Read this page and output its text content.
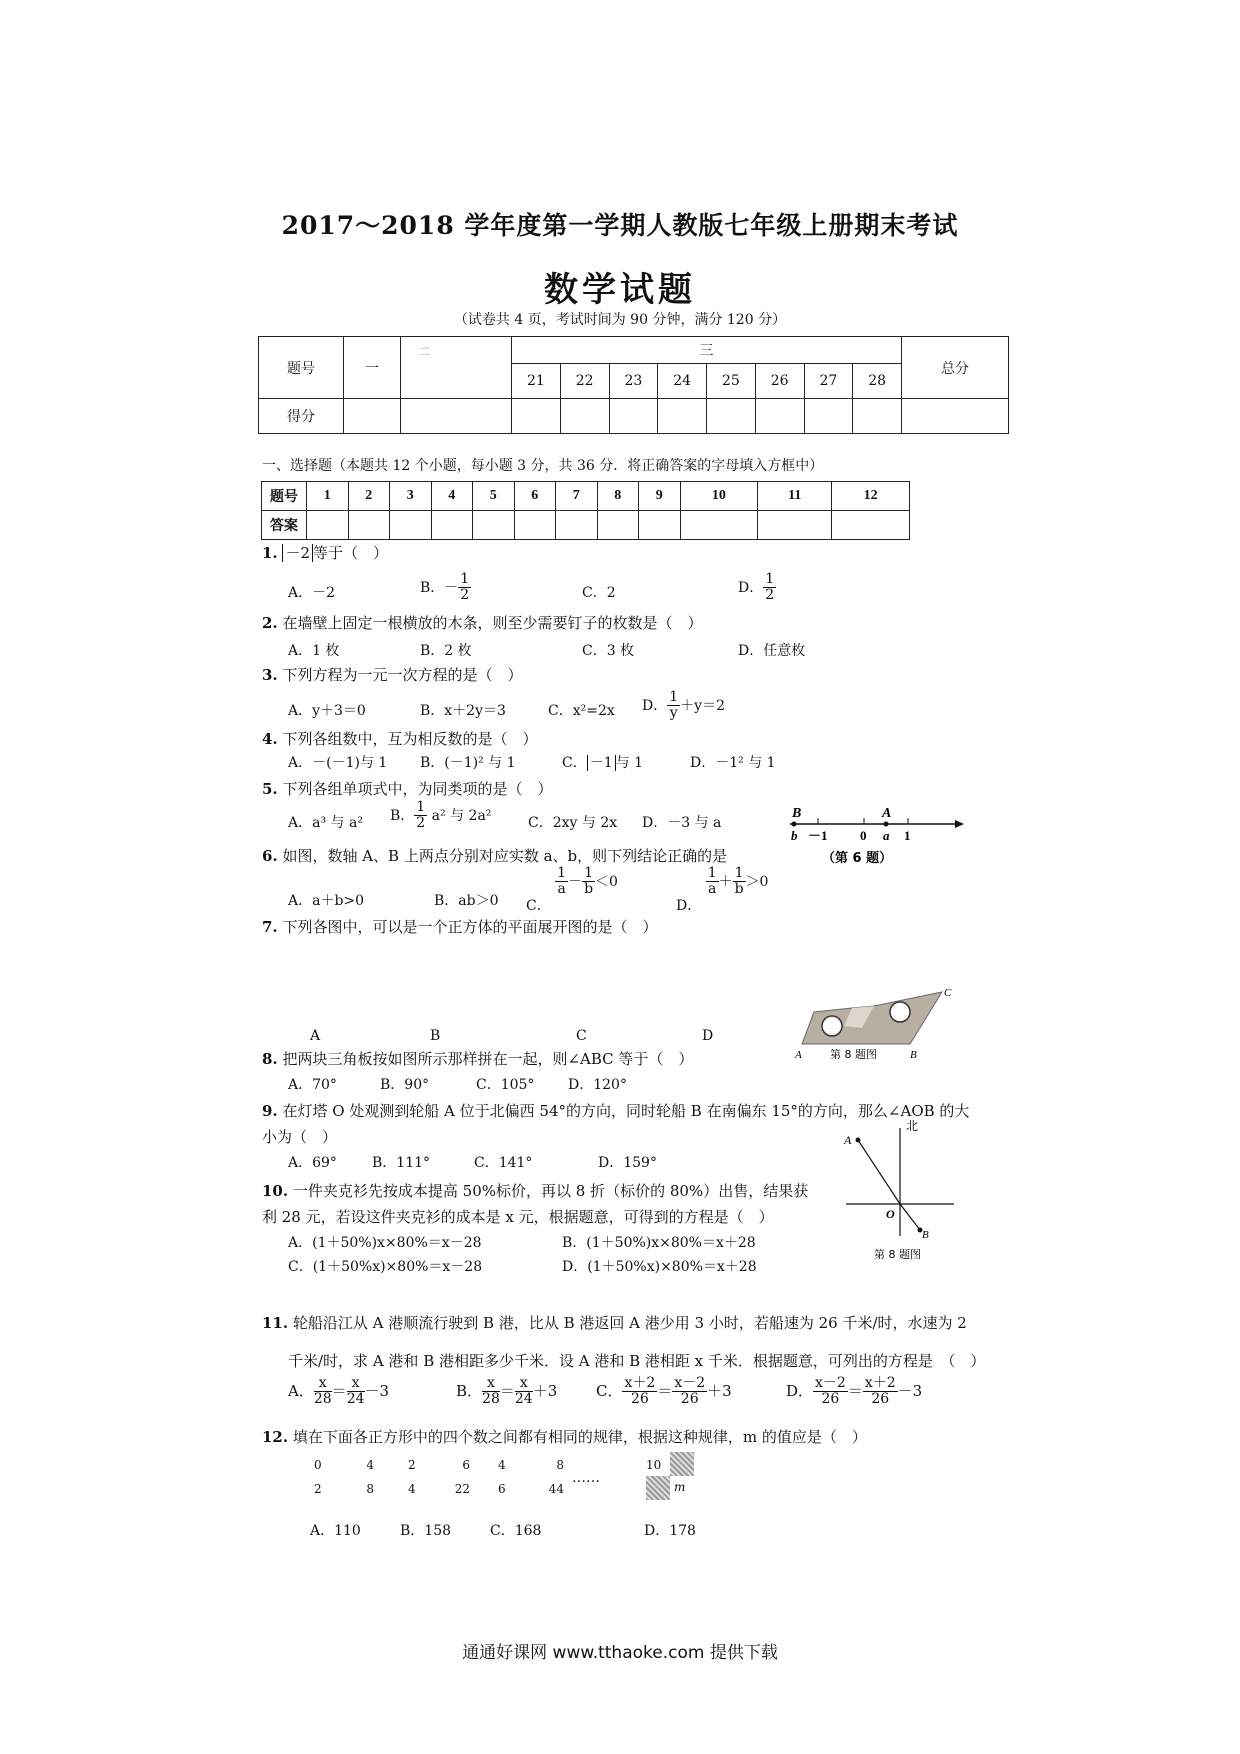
2017～2018 学年度第一学期人教版七年级上册期末考试
数学试题
（试卷共 4 页，考试时间为 90 分钟，满分 120 分）
题号	一	二	三								总分
			21	22	23	24	25	26	27	28	
得分											
一、选择题（本题共 12 个小题，每小题 3 分，共 36 分．将正确答案的字母填入方框中）
题号	1	2	3	4	5	6	7	8	9	10	11	12
答案												
1. －2 等于（　）
A．－2	B．－ $\frac{1}{2}$	C．2	D． $\frac{1}{2}$
2. 在墙壁上固定一根横放的木条，则至少需要钉子的枚数是（　）
A．1 枚	B．2 枚	C．3 枚	D．任意枚
3. 下列方程为一元一次方程的是（　）
A．y＋3＝0	B．x＋2y＝3	C．x²=2x D． $\frac{1}{y} +y=2$
4. 下列各组数中，互为相反数的是（　）
A．－(－1)与 1 B．(－1)² 与 1	C． －1 与 1	D．－1² 与 1
5. 下列各组单项式中，为同类项的是（　）
A．a³ 与 a² B． $\frac{1}{2} a^2$ 与 2a²	C．2xy 与 2x D．－3 与 a
B	A
b －1 0 a 1
（第 6 题）
6. 如图，数轴 A、B 上两点分别对应实数 a、b，则下列结论正确的是
A．a＋b>0	B．ab＞0 C．
$\frac{1}{a} - \frac{1}{b} <0$
D．
$\frac{1}{a} + \frac{1}{b} >0$
7. 下列各图中，可以是一个正方体的平面展开图的是（　）
A	B	C	D
A	B
C
第 8 题图
8. 把两块三角板按如图所示那样拼在一起，则∠ABC 等于（　）
A．70°	B．90°	C．105° D．120°
9. 在灯塔 O 处观测到轮船 A 位于北偏西 54°的方向，同时轮船 B 在南偏东 15°的方向，那么∠AOB 的大
小为（　）
A．69°	B．111°	C．141°	D．159°
北
A
O
B
第 8 题图
10. 一件夹克衫先按成本提高 50%标价，再以 8 折（标价的 80%）出售，结果获
利 28 元，若设这件夹克衫的成本是 x 元，根据题意，可得到的方程是（　）
A．(1＋50%)x×80%＝x－28	B．(1＋50%)x×80%＝x＋28
C．(1＋50%x)×80%＝x－28	D．(1＋50%x)×80%＝x＋28
11. 轮船沿江从 A 港顺流行驶到 B 港，比从 B 港返回 A 港少用 3 小时，若船速为 26 千米/时，水速为 2
千米/时，求 A 港和 B 港相距多少千米．设 A 港和 B 港相距 x 千米．根据题意，可列出的方程是　（　）
A． $\frac{x}{28} = \frac{x}{24} -3$	B． $\frac{x}{28} = \frac{x}{24} +3$	C． $\frac{x+2}{26} = \frac{x-2}{26} +3$	D． $\frac{x-2}{26} = \frac{x+2}{26} -3$
12. 填在下面各正方形中的四个数之间都有相同的规律，根据这种规律，m 的值应是（　）
0	4
2	8
2	6
4	22
4	8
6	44
……
10
m
A．110	B．158	C．168	D．178
通通好课网 www.tthaoke.com 提供下载
